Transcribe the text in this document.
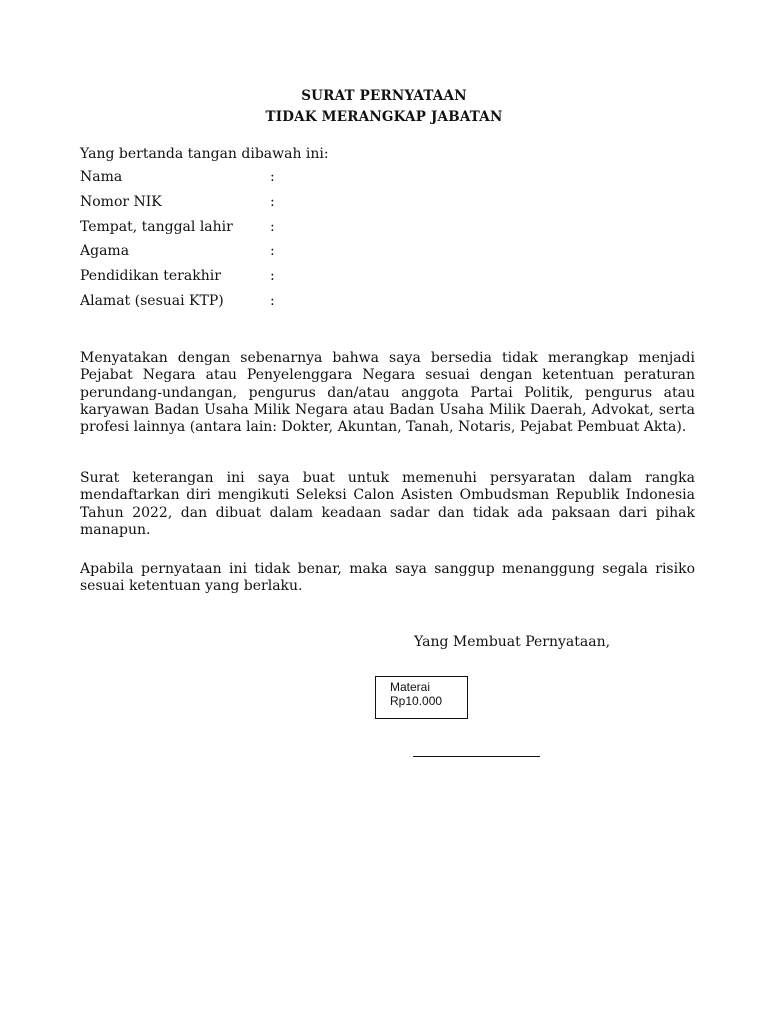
SURAT PERNYATAAN
TIDAK MERANGKAP JABATAN
Yang bertanda tangan dibawah ini:
Nama	:
Nomor NIK	:
Tempat, tanggal lahir	:
Agama	:
Pendidikan terakhir	:
Alamat (sesuai KTP)	:
Menyatakan dengan sebenarnya bahwa saya bersedia tidak merangkap menjadi Pejabat Negara atau Penyelenggara Negara sesuai dengan ketentuan peraturan perundang-undangan, pengurus dan/atau anggota Partai Politik, pengurus atau karyawan Badan Usaha Milik Negara atau Badan Usaha Milik Daerah, Advokat, serta profesi lainnya (antara lain: Dokter, Akuntan, Tanah, Notaris, Pejabat Pembuat Akta).
Surat keterangan ini saya buat untuk memenuhi persyaratan dalam rangka mendaftarkan diri mengikuti Seleksi Calon Asisten Ombudsman Republik Indonesia Tahun 2022, dan dibuat dalam keadaan sadar dan tidak ada paksaan dari pihak manapun.
Apabila pernyataan ini tidak benar, maka saya sanggup menanggung segala risiko sesuai ketentuan yang berlaku.
Yang Membuat Pernyataan,
Materai
Rp10.000
